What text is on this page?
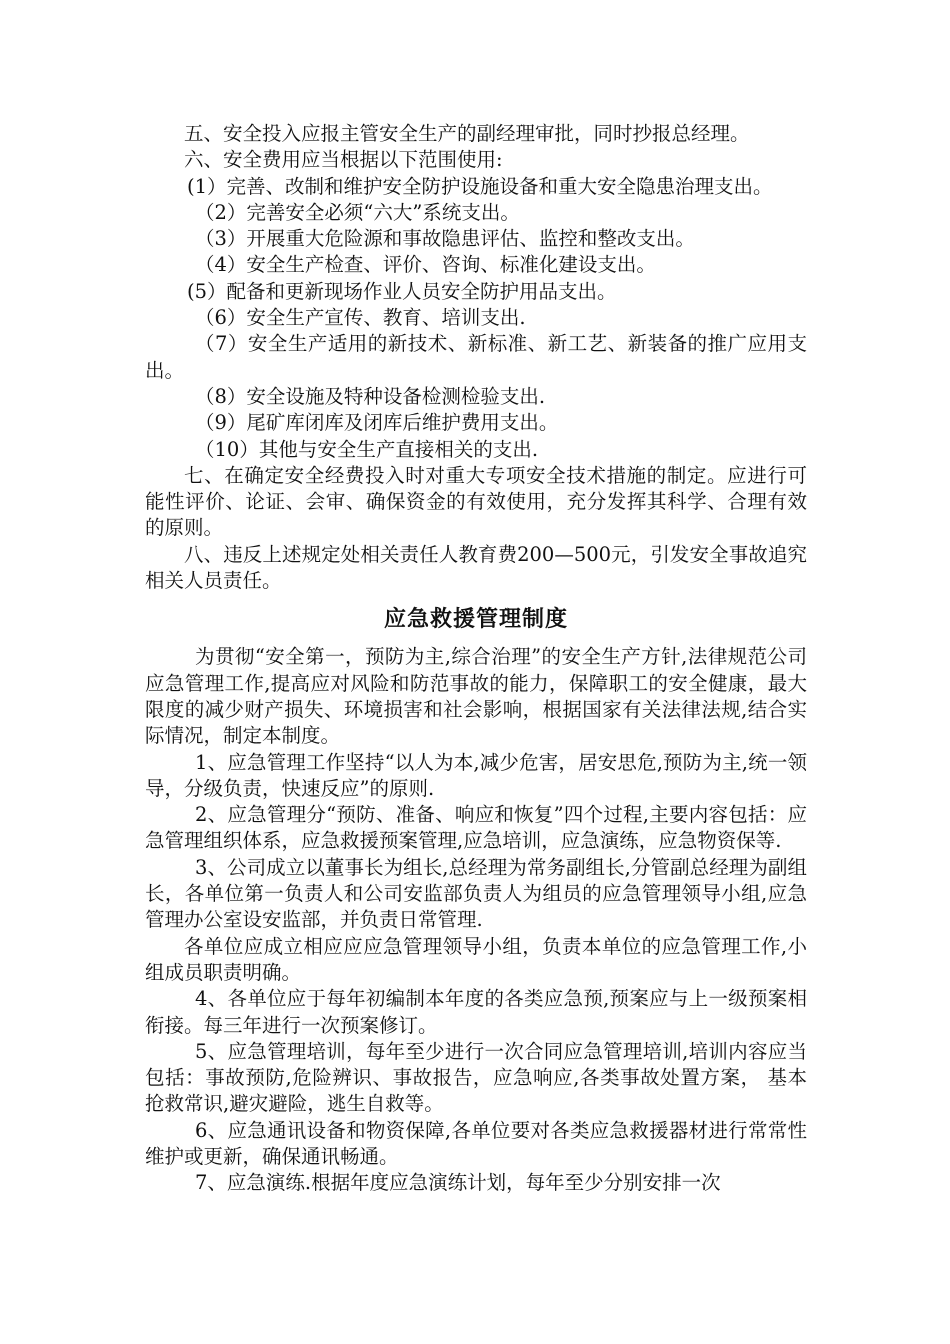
五、安全投入应报主管安全生产的副经理审批，同时抄报总经理。

六、安全费用应当根据以下范围使用:

(1）完善、改制和维护安全防护设施设备和重大安全隐患治理支出。

（2）完善安全必须“六大”系统支出。

（3）开展重大危险源和事故隐患评估、监控和整改支出。

（4）安全生产检查、评价、咨询、标准化建设支出。

(5）配备和更新现场作业人员安全防护用品支出。

（6）安全生产宣传、教育、培训支出.

（7）安全生产适用的新技术、新标准、新工艺、新装备的推广应用支出。

（8）安全设施及特种设备检测检验支出.

（9）尾矿库闭库及闭库后维护费用支出。

（10）其他与安全生产直接相关的支出.

七、在确定安全经费投入时对重大专项安全技术措施的制定。应进行可能性评价、论证、会审、确保资金的有效使用，充分发挥其科学、合理有效的原则。

八、违反上述规定处相关责任人教育费200—500元，引发安全事故追究相关人员责任。

应急救援管理制度

为贯彻“安全第一，预防为主,综合治理”的安全生产方针,法律规范公司应急管理工作,提高应对风险和防范事故的能力，保障职工的安全健康，最大限度的减少财产损失、环境损害和社会影响，根据国家有关法律法规,结合实际情况，制定本制度。

1、应急管理工作坚持“以人为本,减少危害，居安思危,预防为主,统一领导，分级负责，快速反应”的原则.

2、应急管理分“预防、准备、响应和恢复”四个过程,主要内容包括：应急管理组织体系，应急救援预案管理,应急培训，应急演练，应急物资保等.

3、公司成立以董事长为组长,总经理为常务副组长,分管副总经理为副组长，各单位第一负责人和公司安监部负责人为组员的应急管理领导小组,应急管理办公室设安监部，并负责日常管理.

各单位应成立相应应应急管理领导小组，负责本单位的应急管理工作,小组成员职责明确。

4、各单位应于每年初编制本年度的各类应急预,预案应与上一级预案相衔接。每三年进行一次预案修订。

5、应急管理培训，每年至少进行一次合同应急管理培训,培训内容应当包括：事故预防,危险辨识、事故报告，应急响应,各类事故处置方案， 基本抢救常识,避灾避险，逃生自救等。

6、应急通讯设备和物资保障,各单位要对各类应急救援器材进行常常性维护或更新，确保通讯畅通。

7、应急演练.根据年度应急演练计划，每年至少分别安排一次
